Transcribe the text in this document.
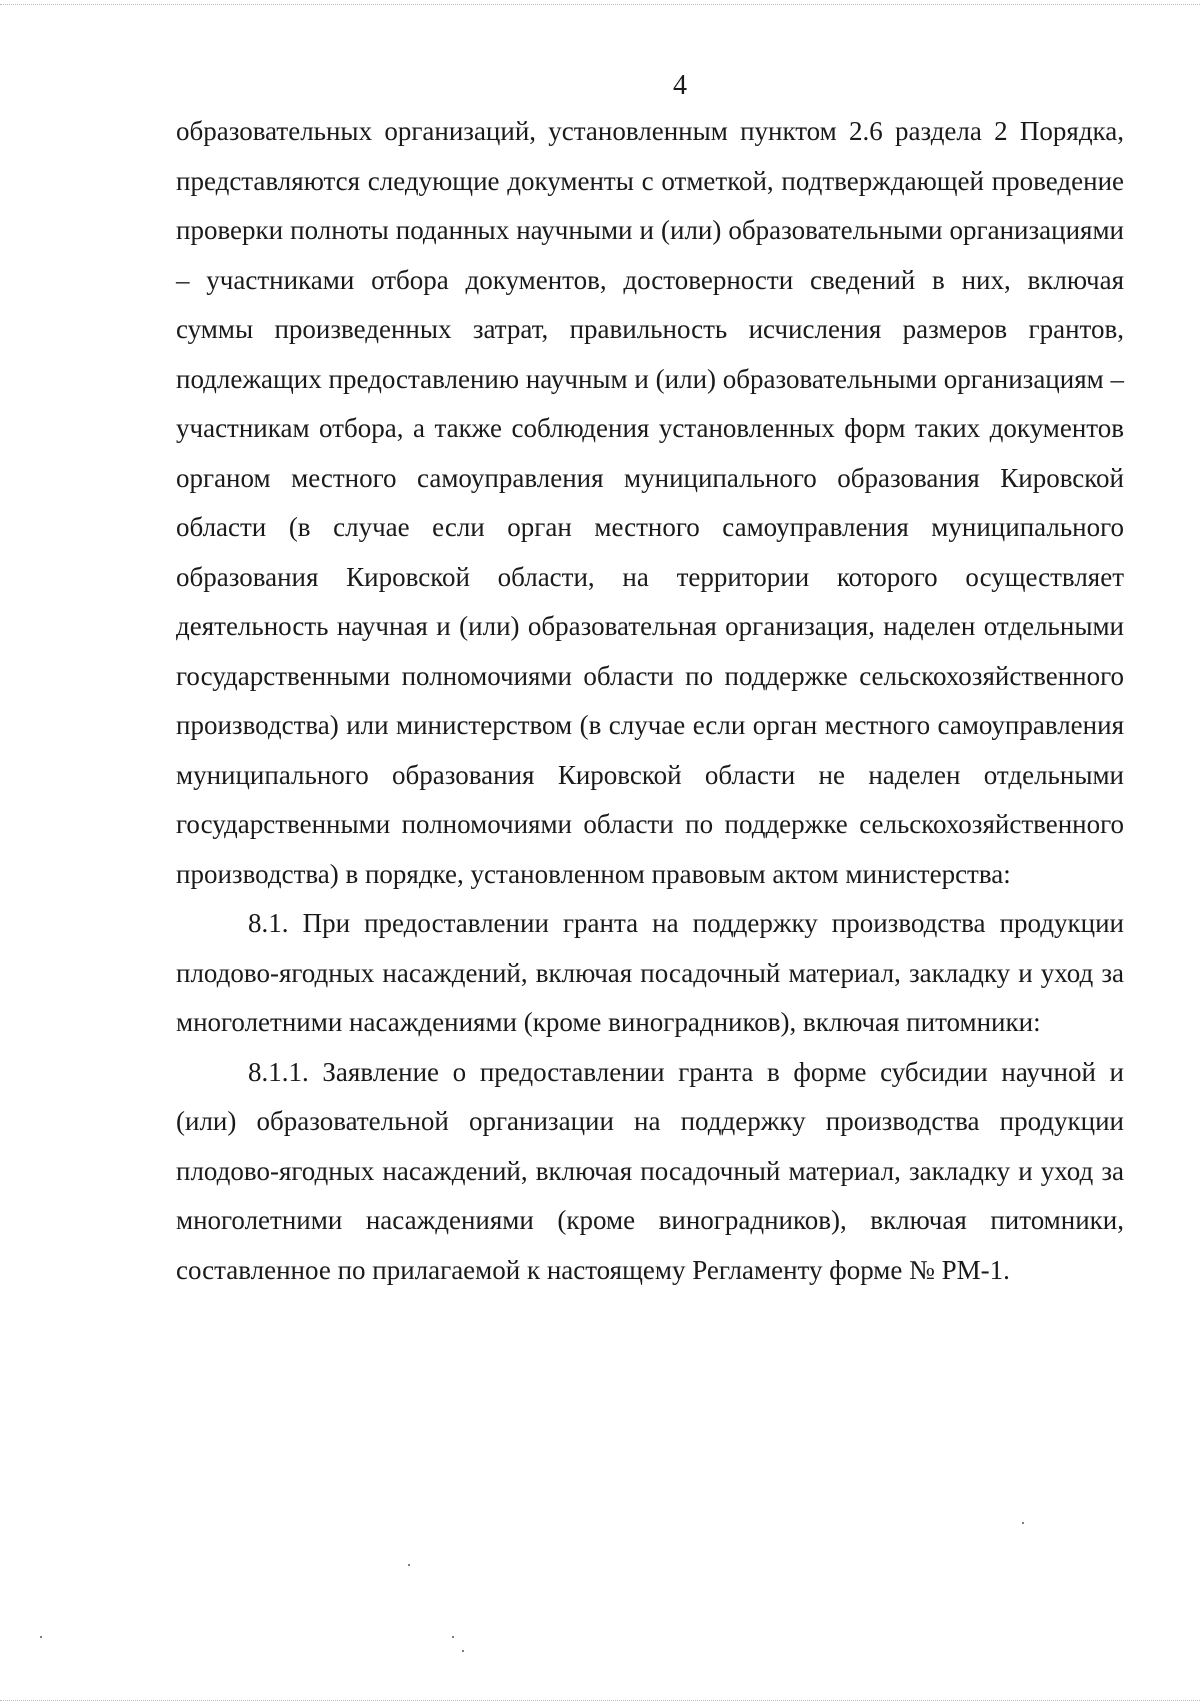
4

образовательных организаций, установленным пунктом 2.6 раздела 2 Порядка, представляются следующие документы с отметкой, подтверждающей проведение проверки полноты поданных научными и (или) образовательными организациями – участниками отбора документов, достоверности сведений в них, включая суммы произведенных затрат, правильность исчисления размеров грантов, подлежащих предоставлению научным и (или) образовательными организациям – участникам отбора, а также соблюдения установленных форм таких документов органом местного самоуправления муниципального образования Кировской области (в случае если орган местного самоуправления муниципального образования Кировской области, на территории которого осуществляет деятельность научная и (или) образовательная организация, наделен отдельными государственными полномочиями области по поддержке сельскохозяйственного производства) или министерством (в случае если орган местного самоуправления муниципального образования Кировской области не наделен отдельными государственными полномочиями области по поддержке сельскохозяйственного производства) в порядке, установленном правовым актом министерства:

8.1. При предоставлении гранта на поддержку производства продукции плодово-ягодных насаждений, включая посадочный материал, закладку и уход за многолетними насаждениями (кроме виноградников), включая питомники:

8.1.1. Заявление о предоставлении гранта в форме субсидии научной и (или) образовательной организации на поддержку производства продукции плодово-ягодных насаждений, включая посадочный материал, закладку и уход за многолетними насаждениями (кроме виноградников), включая питомники, составленное по прилагаемой к настоящему Регламенту форме № РМ-1.
